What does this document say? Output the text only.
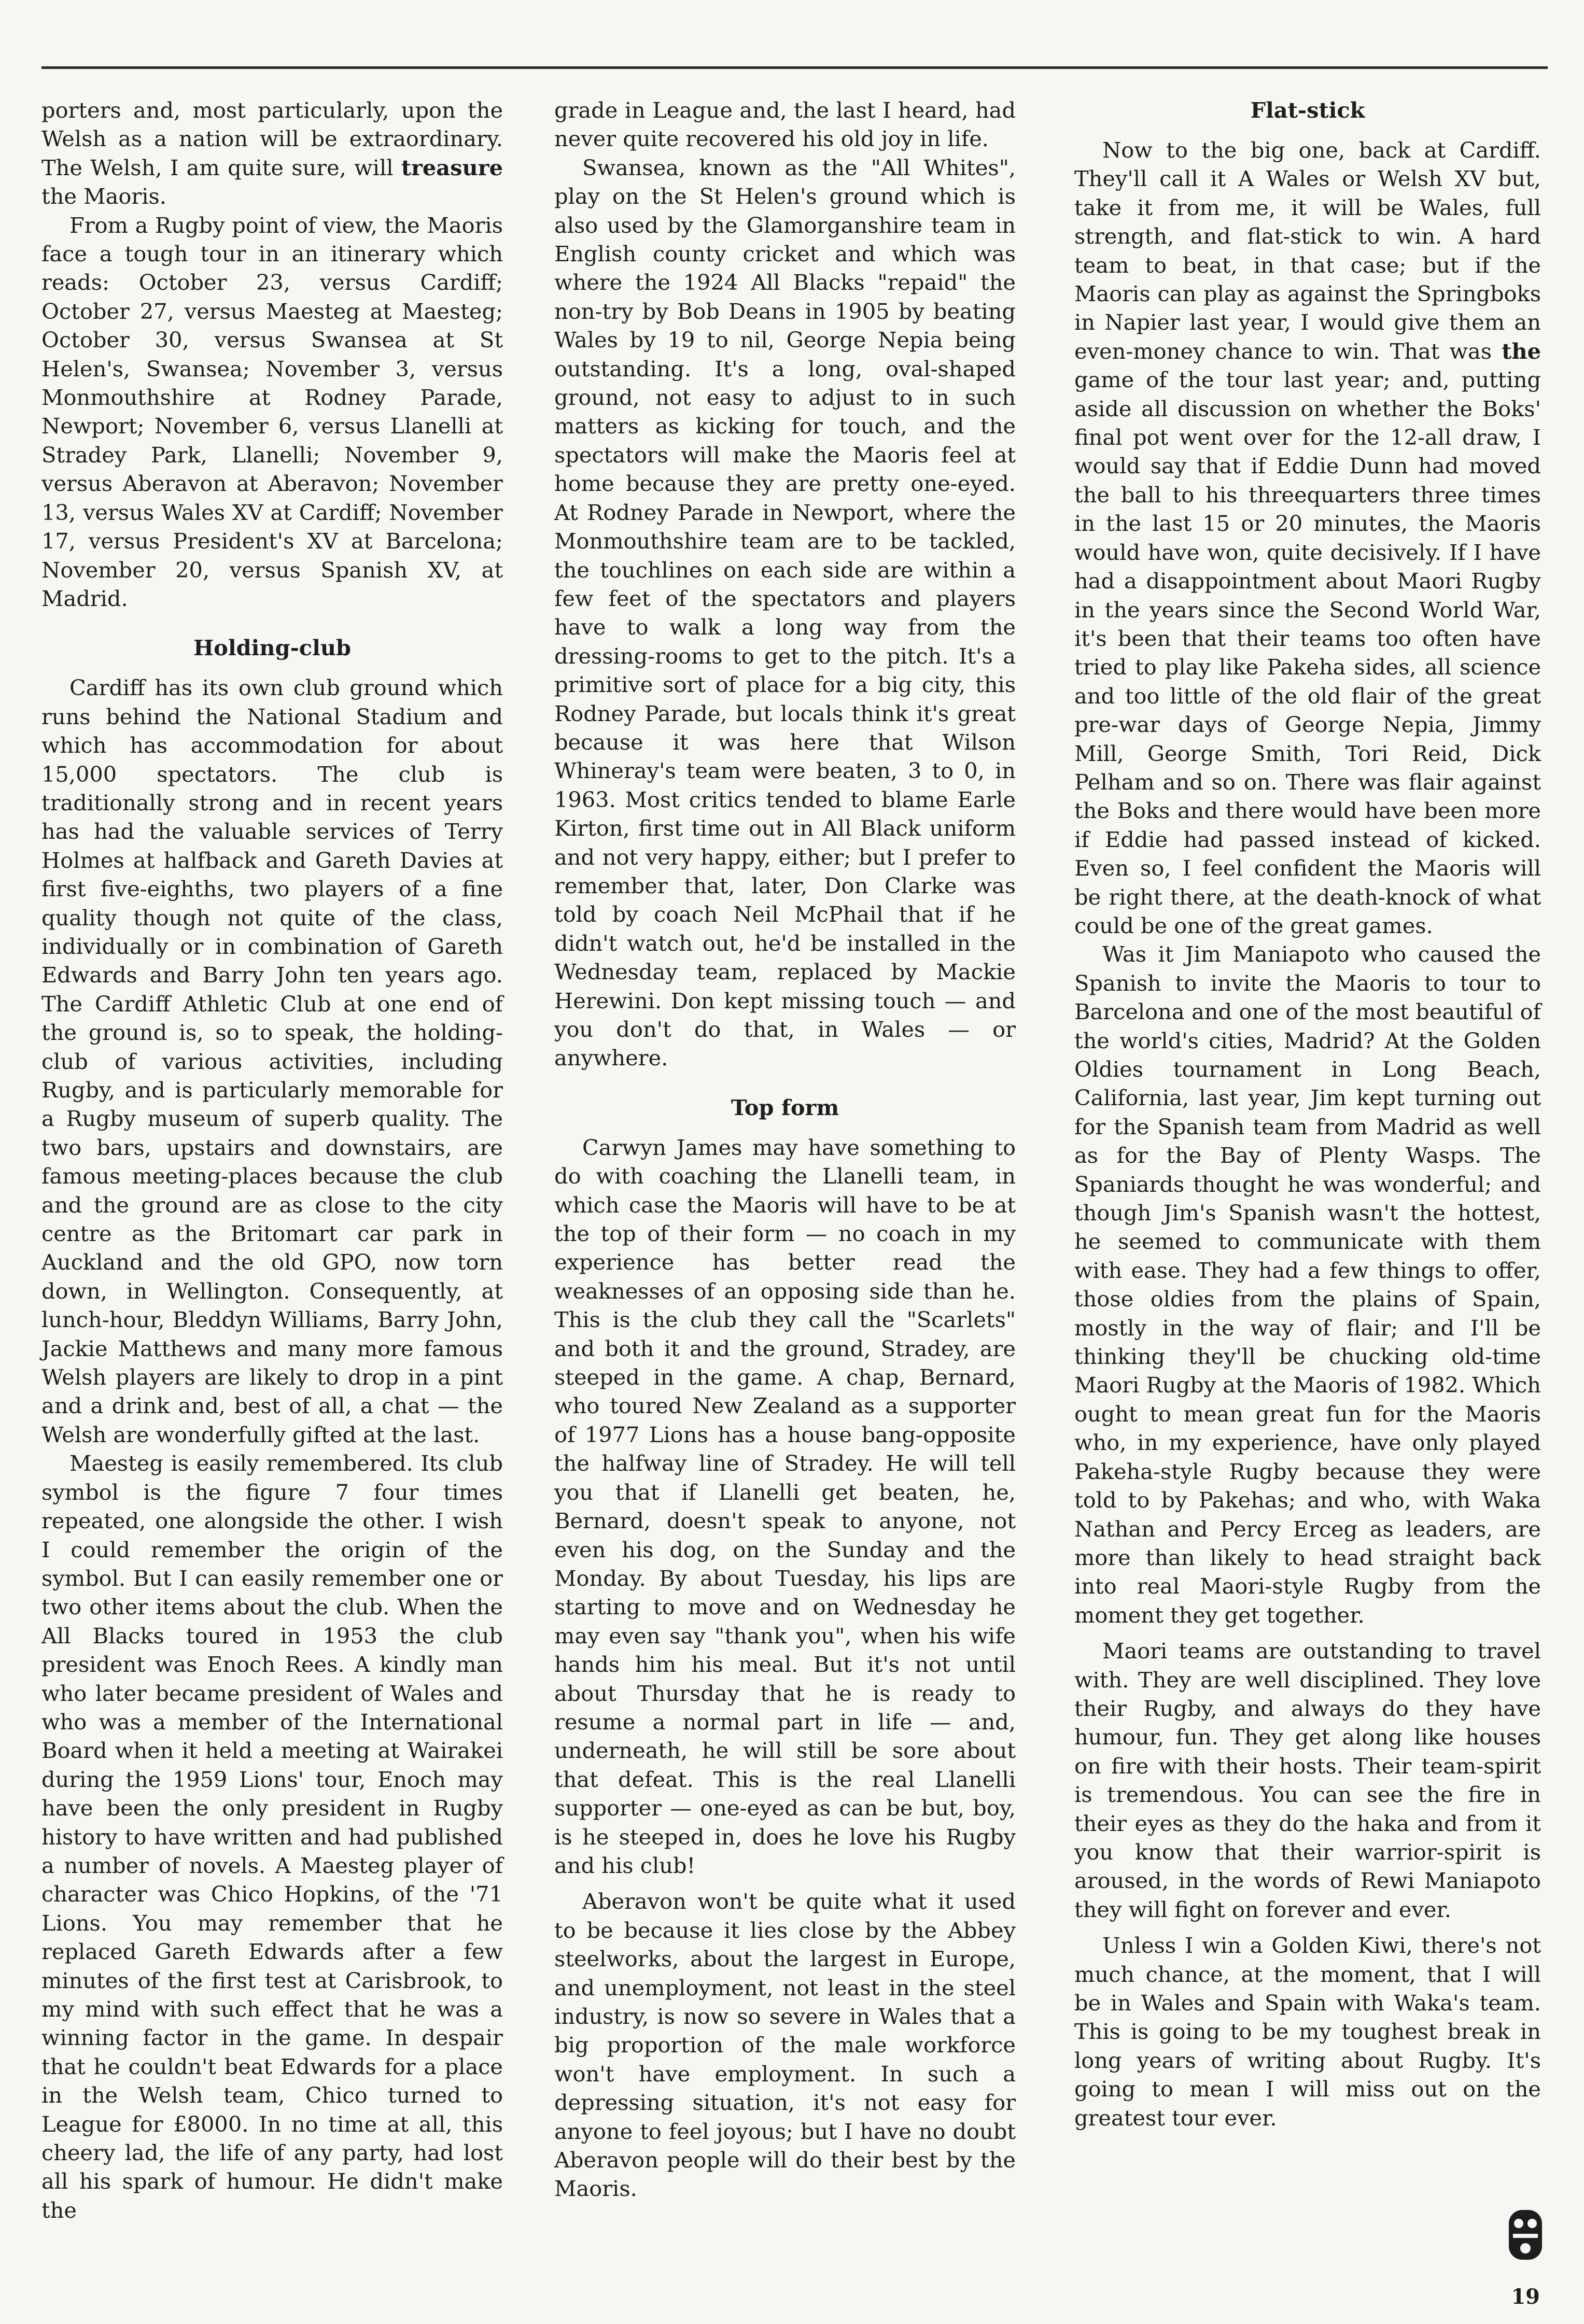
porters and, most particularly, upon the Welsh as a nation will be extraordinary. The Welsh, I am quite sure, will treasure the Maoris.

From a Rugby point of view, the Maoris face a tough tour in an itinerary which reads: October 23, versus Cardiff; October 27, versus Maesteg at Maesteg; October 30, versus Swansea at St Helen's, Swansea; November 3, versus Monmouthshire at Rodney Parade, Newport; November 6, versus Llanelli at Stradey Park, Llanelli; November 9, versus Aberavon at Aberavon; November 13, versus Wales XV at Cardiff; November 17, versus President's XV at Barcelona; November 20, versus Spanish XV, at Madrid.

Holding-club

Cardiff has its own club ground which runs behind the National Stadium and which has accommodation for about 15,000 spectators. The club is traditionally strong and in recent years has had the valuable services of Terry Holmes at halfback and Gareth Davies at first five-eighths, two players of a fine quality though not quite of the class, individually or in combination of Gareth Edwards and Barry John ten years ago. The Cardiff Athletic Club at one end of the ground is, so to speak, the holding-club of various activities, including Rugby, and is particularly memorable for a Rugby museum of superb quality. The two bars, upstairs and downstairs, are famous meeting-places because the club and the ground are as close to the city centre as the Britomart car park in Auckland and the old GPO, now torn down, in Wellington. Consequently, at lunch-hour, Bleddyn Williams, Barry John, Jackie Matthews and many more famous Welsh players are likely to drop in a pint and a drink and, best of all, a chat — the Welsh are wonderfully gifted at the last.

Maesteg is easily remembered. Its club symbol is the figure 7 four times repeated, one alongside the other. I wish I could remember the origin of the symbol. But I can easily remember one or two other items about the club. When the All Blacks toured in 1953 the club president was Enoch Rees. A kindly man who later became president of Wales and who was a member of the International Board when it held a meeting at Wairakei during the 1959 Lions' tour, Enoch may have been the only president in Rugby history to have written and had published a number of novels. A Maesteg player of character was Chico Hopkins, of the '71 Lions. You may remember that he replaced Gareth Edwards after a few minutes of the first test at Carisbrook, to my mind with such effect that he was a winning factor in the game. In despair that he couldn't beat Edwards for a place in the Welsh team, Chico turned to League for £8000. In no time at all, this cheery lad, the life of any party, had lost all his spark of humour. He didn't make the

grade in League and, the last I heard, had never quite recovered his old joy in life.

Swansea, known as the "All Whites", play on the St Helen's ground which is also used by the Glamorganshire team in English county cricket and which was where the 1924 All Blacks "repaid" the non-try by Bob Deans in 1905 by beating Wales by 19 to nil, George Nepia being outstanding. It's a long, oval-shaped ground, not easy to adjust to in such matters as kicking for touch, and the spectators will make the Maoris feel at home because they are pretty one-eyed. At Rodney Parade in Newport, where the Monmouthshire team are to be tackled, the touchlines on each side are within a few feet of the spectators and players have to walk a long way from the dressing-rooms to get to the pitch. It's a primitive sort of place for a big city, this Rodney Parade, but locals think it's great because it was here that Wilson Whineray's team were beaten, 3 to 0, in 1963. Most critics tended to blame Earle Kirton, first time out in All Black uniform and not very happy, either; but I prefer to remember that, later, Don Clarke was told by coach Neil McPhail that if he didn't watch out, he'd be installed in the Wednesday team, replaced by Mackie Herewini. Don kept missing touch — and you don't do that, in Wales — or anywhere.

Top form

Carwyn James may have something to do with coaching the Llanelli team, in which case the Maoris will have to be at the top of their form — no coach in my experience has better read the weaknesses of an opposing side than he. This is the club they call the "Scarlets" and both it and the ground, Stradey, are steeped in the game. A chap, Bernard, who toured New Zealand as a supporter of 1977 Lions has a house bang-opposite the halfway line of Stradey. He will tell you that if Llanelli get beaten, he, Bernard, doesn't speak to anyone, not even his dog, on the Sunday and the Monday. By about Tuesday, his lips are starting to move and on Wednesday he may even say "thank you", when his wife hands him his meal. But it's not until about Thursday that he is ready to resume a normal part in life — and, underneath, he will still be sore about that defeat. This is the real Llanelli supporter — one-eyed as can be but, boy, is he steeped in, does he love his Rugby and his club!

Aberavon won't be quite what it used to be because it lies close by the Abbey steelworks, about the largest in Europe, and unemployment, not least in the steel industry, is now so severe in Wales that a big proportion of the male workforce won't have employment. In such a depressing situation, it's not easy for anyone to feel joyous; but I have no doubt Aberavon people will do their best by the Maoris.

Flat-stick

Now to the big one, back at Cardiff. They'll call it A Wales or Welsh XV but, take it from me, it will be Wales, full strength, and flat-stick to win. A hard team to beat, in that case; but if the Maoris can play as against the Springboks in Napier last year, I would give them an even-money chance to win. That was the game of the tour last year; and, putting aside all discussion on whether the Boks' final pot went over for the 12-all draw, I would say that if Eddie Dunn had moved the ball to his threequarters three times in the last 15 or 20 minutes, the Maoris would have won, quite decisively. If I have had a disappointment about Maori Rugby in the years since the Second World War, it's been that their teams too often have tried to play like Pakeha sides, all science and too little of the old flair of the great pre-war days of George Nepia, Jimmy Mill, George Smith, Tori Reid, Dick Pelham and so on. There was flair against the Boks and there would have been more if Eddie had passed instead of kicked. Even so, I feel confident the Maoris will be right there, at the death-knock of what could be one of the great games.

Was it Jim Maniapoto who caused the Spanish to invite the Maoris to tour to Barcelona and one of the most beautiful of the world's cities, Madrid? At the Golden Oldies tournament in Long Beach, California, last year, Jim kept turning out for the Spanish team from Madrid as well as for the Bay of Plenty Wasps. The Spaniards thought he was wonderful; and though Jim's Spanish wasn't the hottest, he seemed to communicate with them with ease. They had a few things to offer, those oldies from the plains of Spain, mostly in the way of flair; and I'll be thinking they'll be chucking old-time Maori Rugby at the Maoris of 1982. Which ought to mean great fun for the Maoris who, in my experience, have only played Pakeha-style Rugby because they were told to by Pakehas; and who, with Waka Nathan and Percy Erceg as leaders, are more than likely to head straight back into real Maori-style Rugby from the moment they get together.

Maori teams are outstanding to travel with. They are well disciplined. They love their Rugby, and always do they have humour, fun. They get along like houses on fire with their hosts. Their team-spirit is tremendous. You can see the fire in their eyes as they do the haka and from it you know that their warrior-spirit is aroused, in the words of Rewi Maniapoto they will fight on forever and ever.

Unless I win a Golden Kiwi, there's not much chance, at the moment, that I will be in Wales and Spain with Waka's team. This is going to be my toughest break in long years of writing about Rugby. It's going to mean I will miss out on the greatest tour ever.

19
